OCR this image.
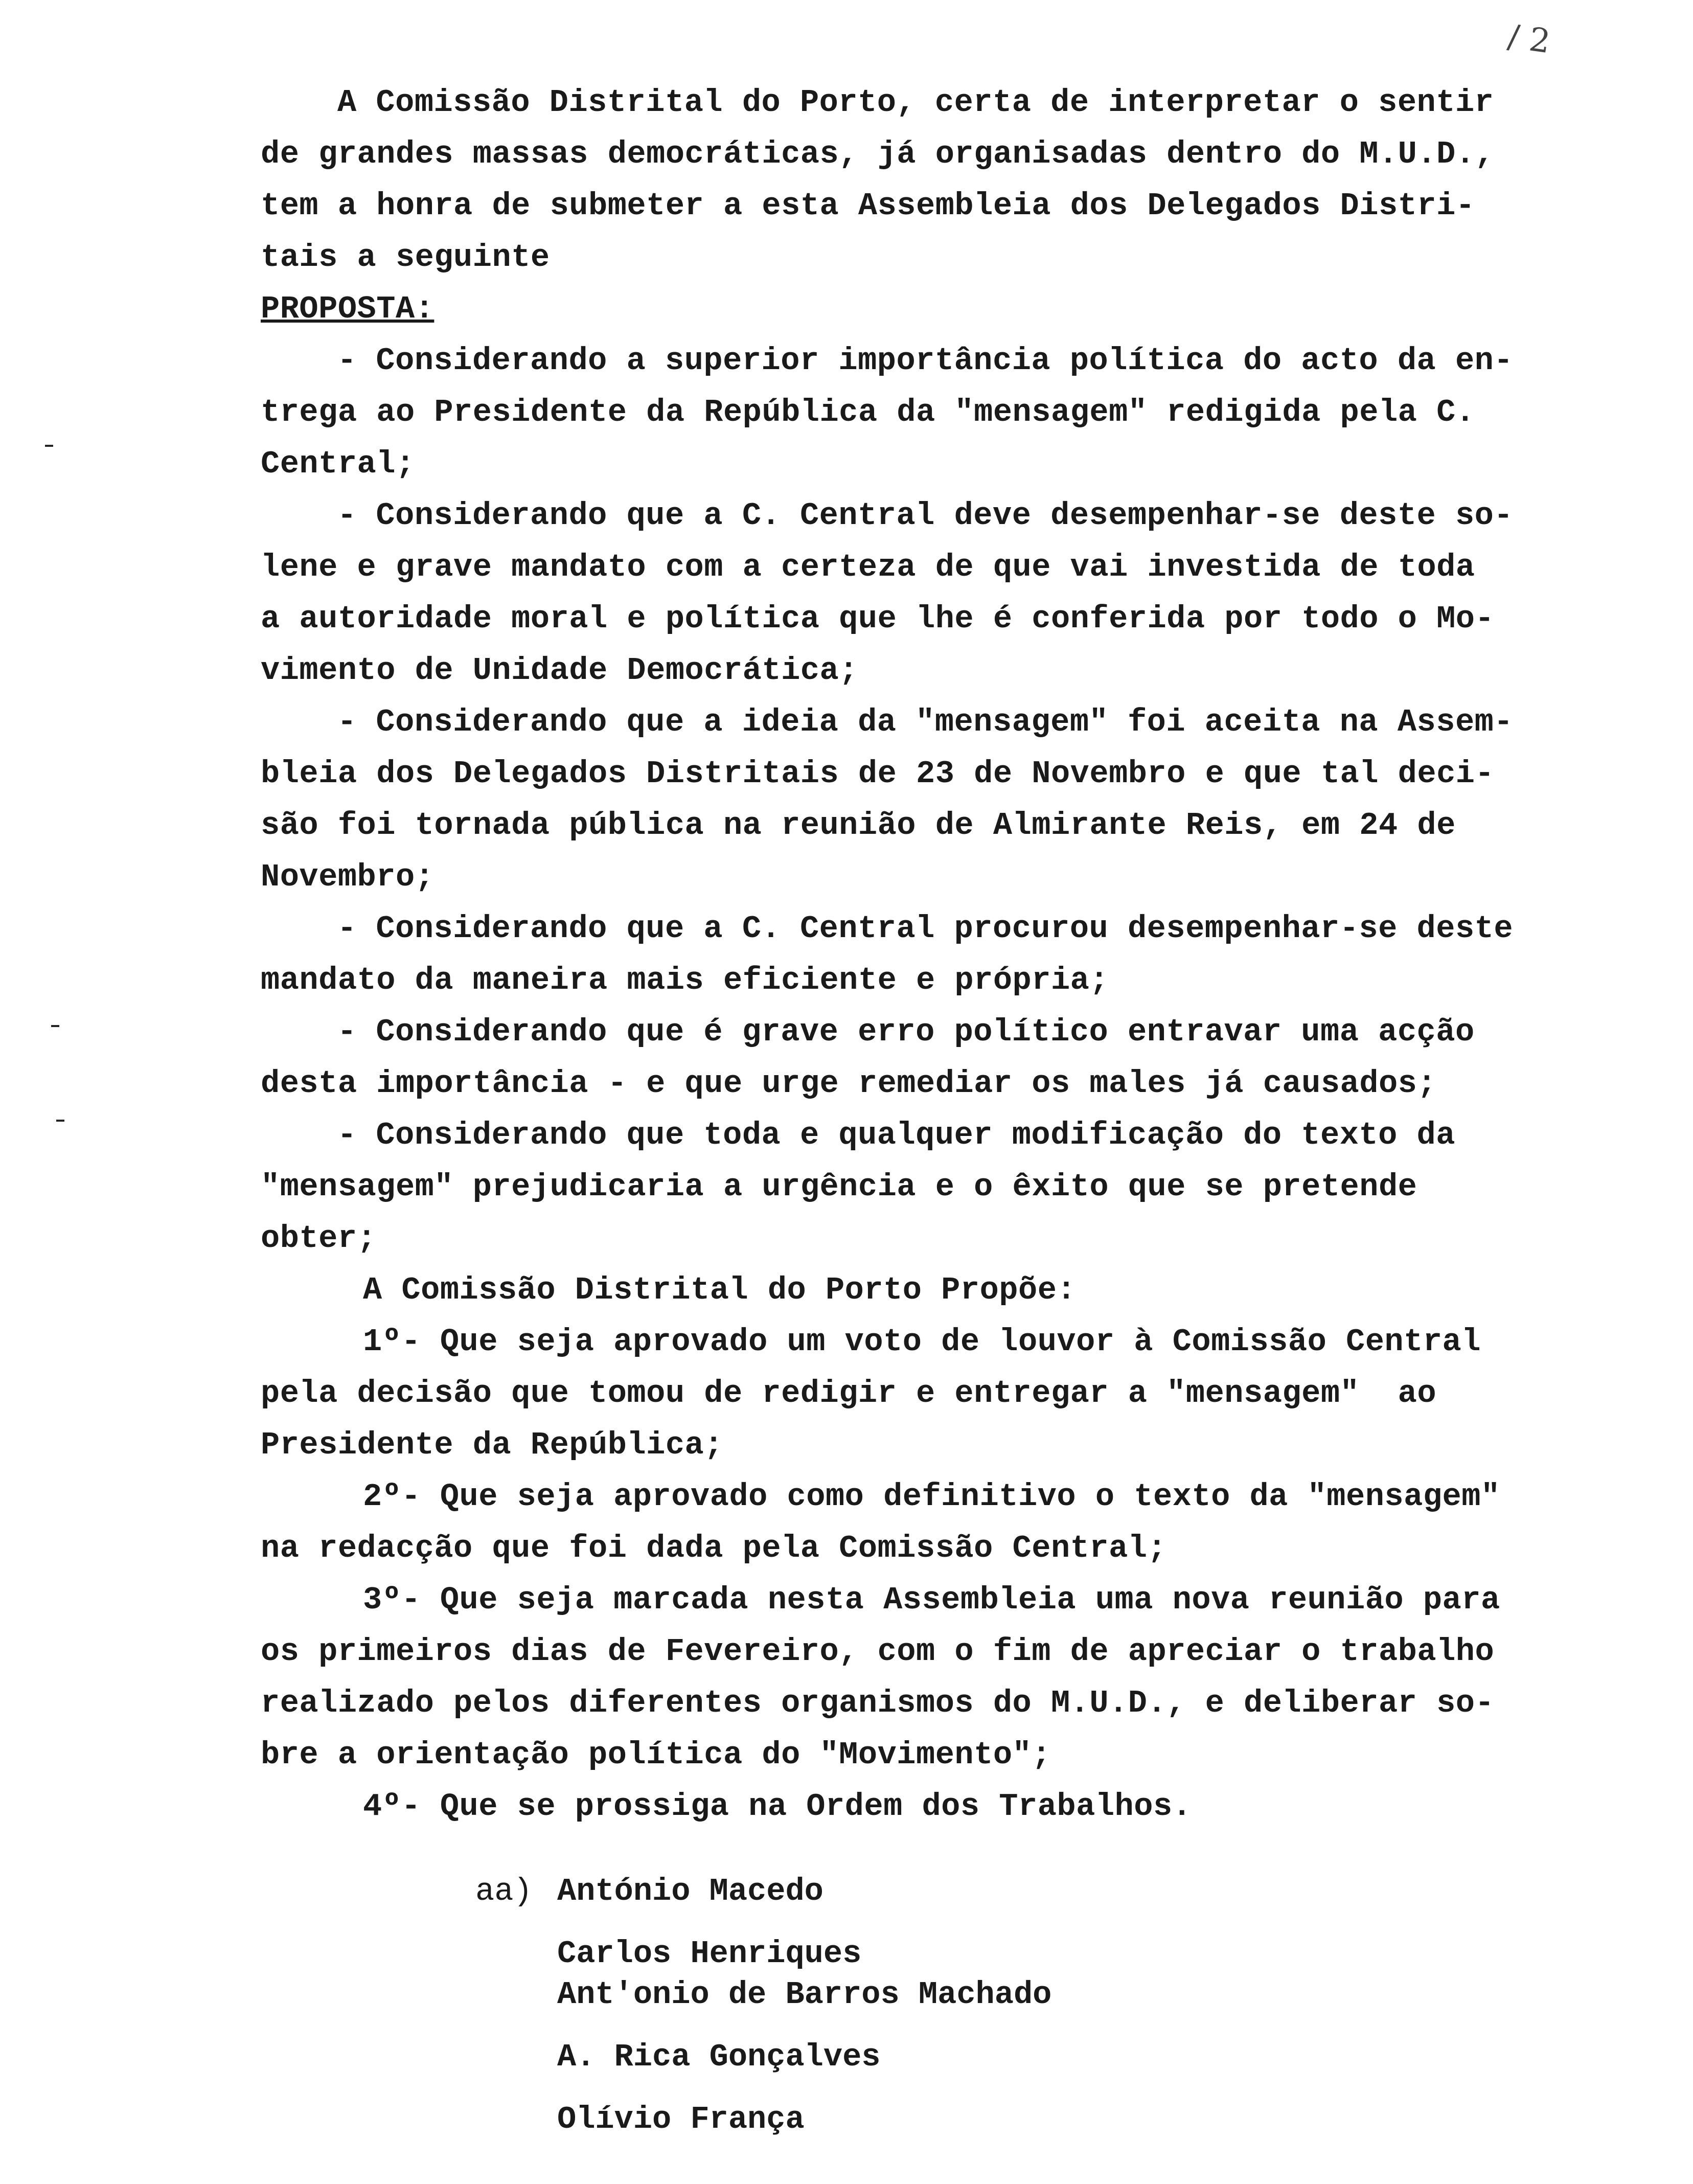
/ 2
A Comissão Distrital do Porto, certa de interpretar o sentir
de grandes massas democráticas, já organisadas dentro do M.U.D.,
tem a honra de submeter a esta Assembleia dos Delegados Distri-
tais a seguinte
PROPOSTA:
- Considerando a superior importância política do acto da en-
trega ao Presidente da República da "mensagem" redigida pela C.
Central;
- Considerando que a C. Central deve desempenhar-se deste so-
lene e grave mandato com a certeza de que vai investida de toda
a autoridade moral e política que lhe é conferida por todo o Mo-
vimento de Unidade Democrática;
- Considerando que a ideia da "mensagem" foi aceita na Assem-
bleia dos Delegados Distritais de 23 de Novembro e que tal deci-
são foi tornada pública na reunião de Almirante Reis, em 24 de
Novembro;
- Considerando que a C. Central procurou desempenhar-se deste
mandato da maneira mais eficiente e própria;
- Considerando que é grave erro político entravar uma acção
desta importância - e que urge remediar os males já causados;
- Considerando que toda e qualquer modificação do texto da
"mensagem" prejudicaria a urgência e o êxito que se pretende
obter;
A Comissão Distrital do Porto Propõe:
1º- Que seja aprovado um voto de louvor à Comissão Central
pela decisão que tomou de redigir e entregar a "mensagem"  ao
Presidente da República;
2º- Que seja aprovado como definitivo o texto da "mensagem"
na redacção que foi dada pela Comissão Central;
3º- Que seja marcada nesta Assembleia uma nova reunião para
os primeiros dias de Fevereiro, com o fim de apreciar o trabalho
realizado pelos diferentes organismos do M.U.D., e deliberar so-
bre a orientação política do "Movimento";
4º- Que se prossiga na Ordem dos Trabalhos.
aa) António Macedo
Carlos Henriques
Ant'onio de Barros Machado
A. Rica Gonçalves
Olívio França
